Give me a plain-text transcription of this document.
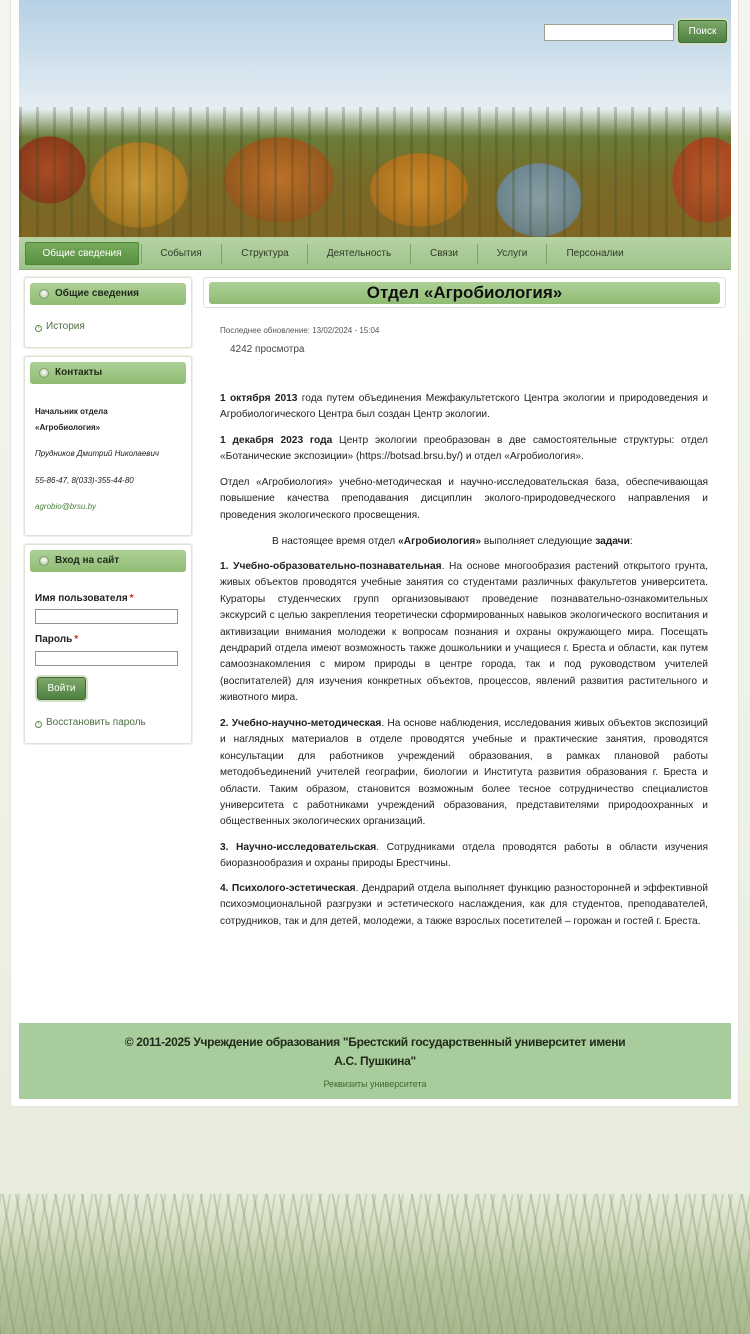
Поиск
Общие сведения	События	Структура	Деятельность	Связи	Услуги	Персоналии
Общие сведения
› История
Контакты
Начальник отдела
«Агробиология»
Прудников Дмитрий Николаевич
55-86-47, 8(033)-355-44-80
agrobio@brsu.by
Вход на сайт
Имя пользователя *
Пароль *
Войти
› Восстановить пароль
Отдел «Агробиология»
Последнее обновление: 13/02/2024 - 15:04
4242 просмотра
1 октября 2013 года путем объединения Межфакультетского Центра экологии и природоведения и Агробиологического Центра был создан Центр экологии.
1 декабря 2023 года Центр экологии преобразован в две самостоятельные структуры: отдел «Ботанические экспозиции» (https://botsad.brsu.by/) и отдел «Агробиология».
Отдел «Агробиология» учебно-методическая и научно-исследовательская база, обеспечивающая повышение качества преподавания дисциплин эколого-природоведческого направления и проведения экологического просвещения.
В настоящее время отдел «Агробиология» выполняет следующие задачи:
1. Учебно-образовательно-познавательная. На основе многообразия растений открытого грунта, живых объектов проводятся учебные занятия со студентами различных факультетов университета. Кураторы студенческих групп организовывают проведение познавательно-ознакомительных экскурсий с целью закрепления теоретически сформированных навыков экологического воспитания и активизации внимания молодежи к вопросам познания и охраны окружающего мира. Посещать дендрарий отдела имеют возможность также дошкольники и учащиеся г. Бреста и области, как путем самоознакомления с миром природы в центре города, так и под руководством учителей (воспитателей) для изучения конкретных объектов, процессов, явлений развития растительного и животного мира.
2. Учебно-научно-методическая. На основе наблюдения, исследования живых объектов экспозиций и наглядных материалов в отделе проводятся учебные и практические занятия, проводятся консультации для работников учреждений образования, в рамках плановой работы методобъединений учителей географии, биологии и Института развития образования г. Бреста и области. Таким образом, становится возможным более тесное сотрудничество специалистов университета с работниками учреждений образования, представителями природоохранных и общественных экологических организаций.
3. Научно-исследовательская. Сотрудниками отдела проводятся работы в области изучения биоразнообразия и охраны природы Брестчины.
4. Психолого-эстетическая. Дендрарий отдела выполняет функцию разносторонней и эффективной психоэмоциональной разгрузки и эстетического наслаждения, как для студентов, преподавателей, сотрудников, так и для детей, молодежи, а также взрослых посетителей – горожан и гостей г. Бреста.
© 2011-2025 Учреждение образования "Брестский государственный университет имени А.С. Пушкина"
Реквизиты университета
